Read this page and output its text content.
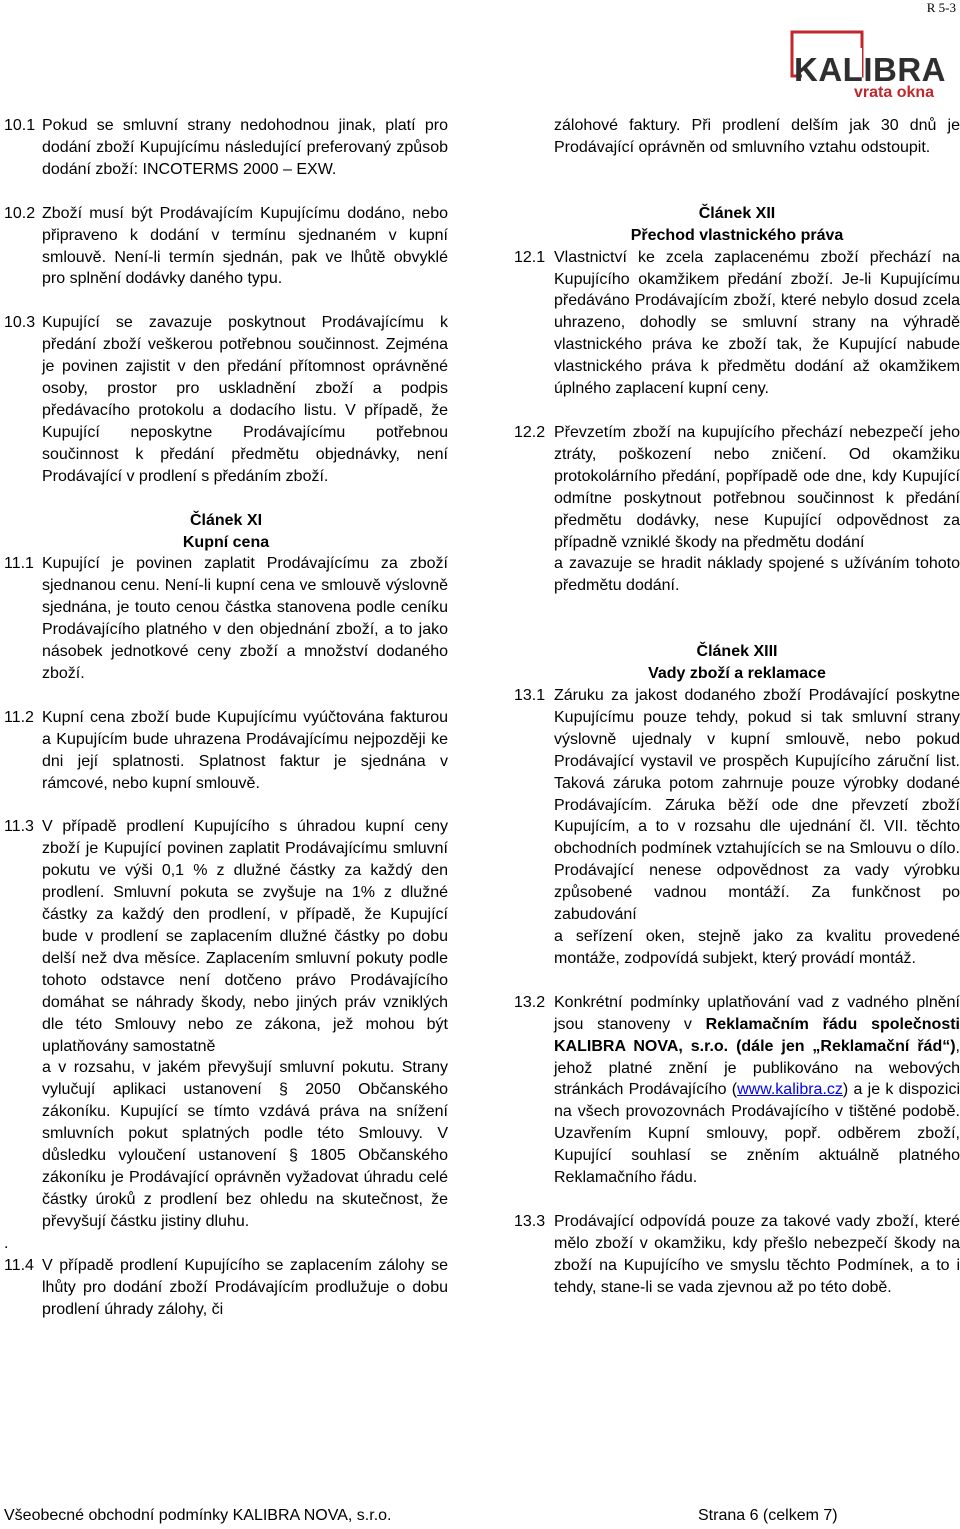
R 5-3
KALIBRA
vrata okna
10.1 Pokud se smluvní strany nedohodnou jinak, platí pro dodání zboží Kupujícímu následující preferovaný způsob dodání zboží: INCOTERMS 2000 – EXW.
10.2 Zboží musí být Prodávajícím Kupujícímu dodáno, nebo připraveno k dodání v termínu sjednaném v kupní smlouvě. Není-li termín sjednán, pak ve lhůtě obvyklé pro splnění dodávky daného typu.
10.3 Kupující se zavazuje poskytnout Prodávajícímu k předání zboží veškerou potřebnou součinnost. Zejména je povinen zajistit v den předání přítomnost oprávněné osoby, prostor pro uskladnění zboží a podpis předávacího protokolu a dodacího listu. V případě, že Kupující neposkytne Prodávajícímu potřebnou součinnost k předání předmětu objednávky, není Prodávající v prodlení s předáním zboží.
Článek XI
Kupní cena
11.1 Kupující je povinen zaplatit Prodávajícímu za zboží sjednanou cenu. Není-li kupní cena ve smlouvě výslovně sjednána, je touto cenou částka stanovena podle ceníku Prodávajícího platného v den objednání zboží, a to jako násobek jednotkové ceny zboží a množství dodaného zboží.
11.2 Kupní cena zboží bude Kupujícímu vyúčtována fakturou a Kupujícím bude uhrazena Prodávajícímu nejpozději ke dni její splatnosti. Splatnost faktur je sjednána v rámcové, nebo kupní smlouvě.
11.3 V případě prodlení Kupujícího s úhradou kupní ceny zboží je Kupující povinen zaplatit Prodávajícímu smluvní pokutu ve výši 0,1 % z dlužné částky za každý den prodlení. Smluvní pokuta se zvyšuje na 1% z dlužné částky za každý den prodlení, v případě, že Kupující bude v prodlení se zaplacením dlužné částky po dobu delší než dva měsíce. Zaplacením smluvní pokuty podle tohoto odstavce není dotčeno právo Prodávajícího domáhat se náhrady škody, nebo jiných práv vzniklých dle této Smlouvy nebo ze zákona, jež mohou být uplatňovány samostatně
a v rozsahu, v jakém převyšují smluvní pokutu. Strany vylučují aplikaci ustanovení § 2050 Občanského zákoníku. Kupující se tímto vzdává práva na snížení smluvních pokut splatných podle této Smlouvy. V důsledku vyloučení ustanovení § 1805 Občanského zákoníku je Prodávající oprávněn vyžadovat úhradu celé částky úroků z prodlení bez ohledu na skutečnost, že převyšují částku jistiny dluhu.
.
11.4 V případě prodlení Kupujícího se zaplacením zálohy se lhůty pro dodání zboží Prodávajícím prodlužuje o dobu prodlení úhrady zálohy, či

zálohové faktury. Při prodlení delším jak 30 dnů je Prodávající oprávněn od smluvního vztahu odstoupit.

Článek XII
Přechod vlastnického práva
12.1 Vlastnictví ke zcela zaplacenému zboží přechází na Kupujícího okamžikem předání zboží. Je-li Kupujícímu předáváno Prodávajícím zboží, které nebylo dosud zcela uhrazeno, dohodly se smluvní strany na výhradě vlastnického práva ke zboží tak, že Kupující nabude vlastnického práva k předmětu dodání až okamžikem úplného zaplacení kupní ceny.
12.2 Převzetím zboží na kupujícího přechází nebezpečí jeho ztráty, poškození nebo zničení. Od okamžiku protokolárního předání, popřípadě ode dne, kdy Kupující odmítne poskytnout potřebnou součinnost k předání předmětu dodávky, nese Kupující odpovědnost za případně vzniklé škody na předmětu dodání
a zavazuje se hradit náklady spojené s užíváním tohoto předmětu dodání.
Článek XIII
Vady zboží a reklamace
13.1 Záruku za jakost dodaného zboží Prodávající poskytne Kupujícímu pouze tehdy, pokud si tak smluvní strany výslovně ujednaly v kupní smlouvě, nebo pokud Prodávající vystavil ve prospěch Kupujícího záruční list. Taková záruka potom zahrnuje pouze výrobky dodané Prodávajícím. Záruka běží ode dne převzetí zboží Kupujícím, a to v rozsahu dle ujednání čl. VII. těchto obchodních podmínek vztahujících se na Smlouvu o dílo. Prodávající nenese odpovědnost za vady výrobku způsobené vadnou montáží. Za funkčnost po zabudování
a seřízení oken, stejně jako za kvalitu provedené montáže, zodpovídá subjekt, který provádí montáž.
13.2 Konkrétní podmínky uplatňování vad z vadného plnění jsou stanoveny v Reklamačním řádu společnosti KALIBRA NOVA, s.r.o. (dále jen „Reklamační řád“), jehož platné znění je publikováno na webových stránkách Prodávajícího (www.kalibra.cz) a je k dispozici na všech provozovnách Prodávajícího v tištěné podobě. Uzavřením Kupní smlouvy, popř. odběrem zboží, Kupující souhlasí se zněním aktuálně platného Reklamačního řádu.
13.3 Prodávající odpovídá pouze za takové vady zboží, které mělo zboží v okamžiku, kdy přešlo nebezpečí škody na zboží na Kupujícího ve smyslu těchto Podmínek, a to i tehdy, stane-li se vada zjevnou až po této době.
Všeobecné obchodní podmínky KALIBRA NOVA, s.r.o.	Strana 6 (celkem 7)
